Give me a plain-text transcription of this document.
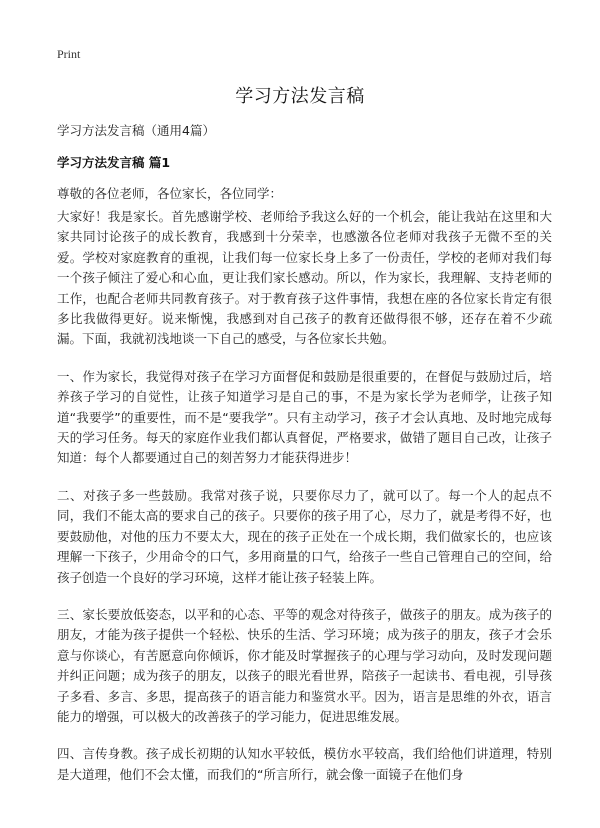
Print
学习方法发言稿
学习方法发言稿（通用4篇）
学习方法发言稿 篇1
尊敬的各位老师，各位家长，各位同学：

大家好！我是家长。首先感谢学校、老师给予我这么好的一个机会，能让我站在这里和大家共同讨论孩子的成长教育，我感到十分荣幸，也感激各位老师对我孩子无微不至的关爱。学校对家庭教育的重视，让我们每一位家长身上多了一份责任，学校的老师对我们每一个孩子倾注了爱心和心血，更让我们家长感动。所以，作为家长，我理解、支持老师的工作，也配合老师共同教育孩子。对于教育孩子这件事情，我想在座的各位家长肯定有很多比我做得更好。说来惭愧，我感到对自己孩子的教育还做得很不够，还存在着不少疏漏。下面，我就初浅地谈一下自己的感受，与各位家长共勉。

一、作为家长，我觉得对孩子在学习方面督促和鼓励是很重要的，在督促与鼓励过后，培养孩子学习的自觉性，让孩子知道学习是自己的事，不是为家长学为老师学，让孩子知道“我要学”的重要性，而不是“要我学”。只有主动学习，孩子才会认真地、及时地完成每天的学习任务。每天的家庭作业我们都认真督促，严格要求，做错了题目自己改，让孩子知道：每个人都要通过自己的刻苦努力才能获得进步！

二、对孩子多一些鼓励。我常对孩子说，只要你尽力了，就可以了。每一个人的起点不同，我们不能太高的要求自己的孩子。只要你的孩子用了心，尽力了，就是考得不好，也要鼓励他，对他的压力不要太大，现在的孩子正处在一个成长期，我们做家长的，也应该理解一下孩子，少用命令的口气，多用商量的口气，给孩子一些自己管理自己的空间，给孩子创造一个良好的学习环境，这样才能让孩子轻装上阵。

三、家长要放低姿态，以平和的心态、平等的观念对待孩子，做孩子的朋友。成为孩子的朋友，才能为孩子提供一个轻松、快乐的生活、学习环境；成为孩子的朋友，孩子才会乐意与你谈心，有苦愿意向你倾诉，你才能及时掌握孩子的心理与学习动向，及时发现问题并纠正问题；成为孩子的朋友，以孩子的眼光看世界，陪孩子一起读书、看电视，引导孩子多看、多言、多思，提高孩子的语言能力和鉴赏水平。因为，语言是思维的外衣，语言能力的增强，可以极大的改善孩子的学习能力，促进思维发展。

四、言传身教。孩子成长初期的认知水平较低，模仿水平较高，我们给他们讲道理，特别是大道理，他们不会太懂，而我们的“所言所行，就会像一面镜子在他们身
